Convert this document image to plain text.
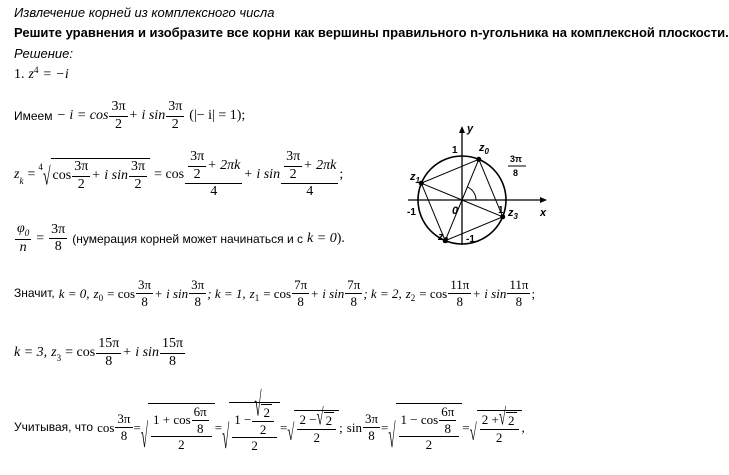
Извлечение корней из комплексного числа
Решите уравнения и изобразите все корни как вершины правильного n-угольника на комплексной плоскости.
Решение:
1. $z^4 = -i$
Имеем − $i = \cos \frac{3\pi}{2} + i$ $\sin \frac{3\pi}{2}$ (|− i| = 1);
$z_k$ =
$^4$ √ $\cos \frac{3\pi}{2} + i$ $\sin \frac{3\pi}{2} = \cos \frac{\frac{3\pi}{2} + 2\pi k}{4} + i$ $\sin \frac{\frac{3\pi}{2} + 2\pi k}{4}$ ;
$\frac{\varphi_0}{n} = \frac{3\pi}{8}$ (нумерация корней может начинаться и с k = 0 ).
Значит, k = 0, $z_0 = \cos \frac{3\pi}{8} + i$ $\sin \frac{3\pi}{8}$ ; k = 1, $z_1 = \cos \frac{7\pi}{8} + i$ $\sin \frac{7\pi}{8}$ ; k = 2, $z_2 = \cos \frac{11\pi}{8} + i$ $\sin \frac{11\pi}{8}$ ;
k = 3, $z_3 = \cos \frac{15\pi}{8} + i$ $\sin \frac{15\pi}{8}$
Учитывая, что $\cos \frac{3\pi}{8}$ = √ $\frac{1 + \cos \frac{6\pi}{8}}{2}$ = √ $\frac{1 - \frac{√ 2}{2}}{2}$ = √ $\frac{2 - √ 2}{2}$ ; $\sin \frac{3\pi}{8}$ = √ $\frac{1 - \cos \frac{6\pi}{8}}{2}$ = √ $\frac{2 + √ 2}{2}$ ,
y
x
1
-1
1
-1	0
$z_0$
$z_1$
$z_2$
$z_3$
3π
8
